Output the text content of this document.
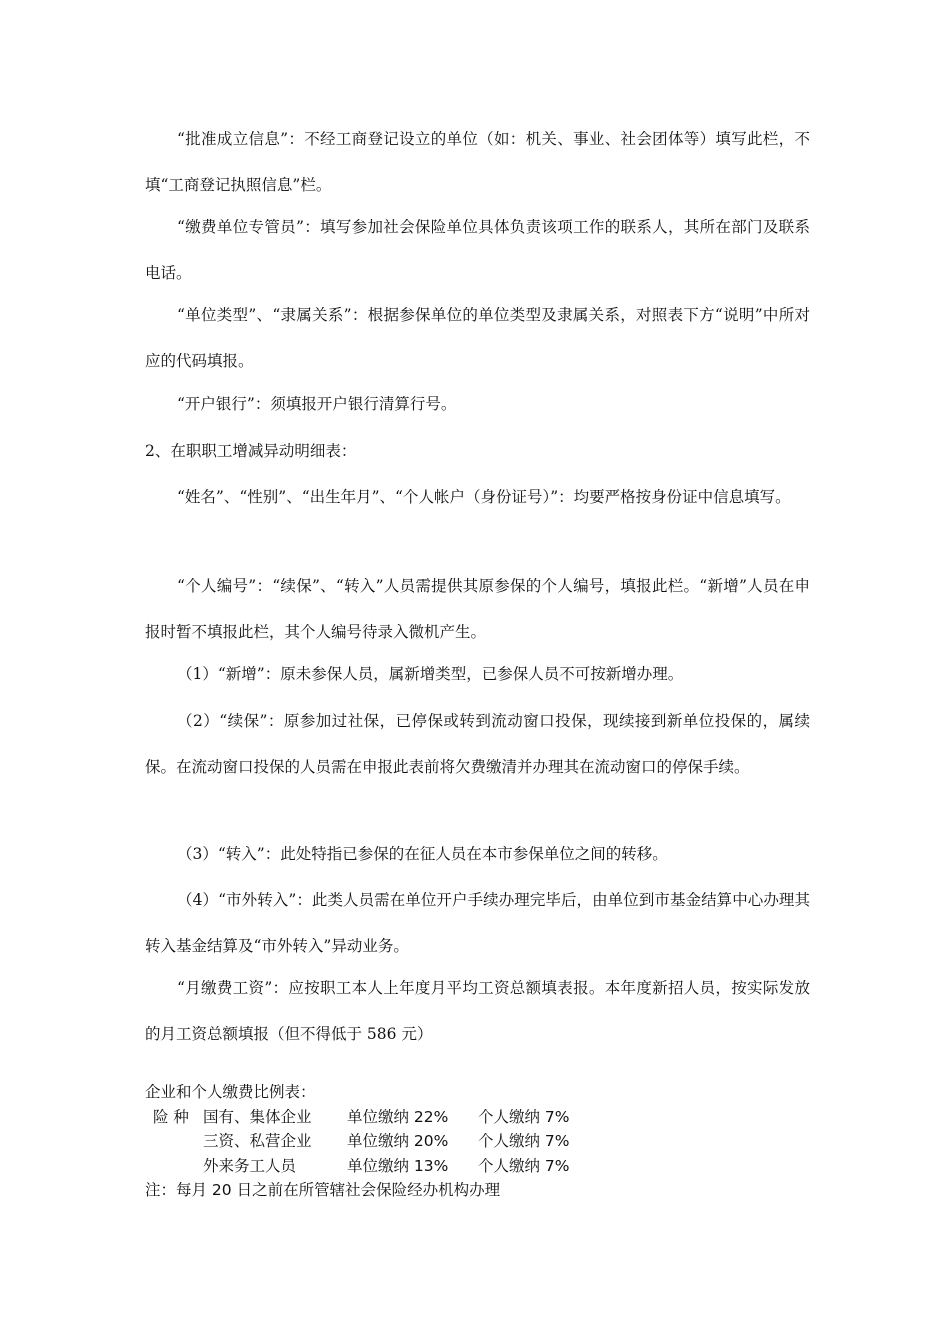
“批准成立信息”：不经工商登记设立的单位（如：机关、事业、社会团体等）填写此栏，不填“工商登记执照信息”栏。

“缴费单位专管员”：填写参加社会保险单位具体负责该项工作的联系人，其所在部门及联系电话。

“单位类型”、“隶属关系”：根据参保单位的单位类型及隶属关系，对照表下方“说明”中所对应的代码填报。

“开户银行”：须填报开户银行清算行号。

2、在职职工增减异动明细表：

“姓名”、“性别”、“出生年月”、“个人帐户（身份证号）”：均要严格按身份证中信息填写。

“个人编号”：“续保”、“转入”人员需提供其原参保的个人编号，填报此栏。“新增”人员在申报时暂不填报此栏，其个人编号待录入微机产生。

（1）“新增”：原未参保人员，属新增类型，已参保人员不可按新增办理。

（2）“续保”：原参加过社保，已停保或转到流动窗口投保，现续接到新单位投保的，属续保。在流动窗口投保的人员需在申报此表前将欠费缴清并办理其在流动窗口的停保手续。

（3）“转入”：此处特指已参保的在征人员在本市参保单位之间的转移。

（4）“市外转入”：此类人员需在单位开户手续办理完毕后，由单位到市基金结算中心办理其转入基金结算及“市外转入”异动业务。

“月缴费工资”：应按职工本人上年度月平均工资总额填表报。本年度新招人员，按实际发放的月工资总额填报（但不得低于 586 元）

企业和个人缴费比例表：
险 种 国有、集体企业 单位缴纳 22% 个人缴纳 7%
三资、私营企业 单位缴纳 20% 个人缴纳 7%
外来务工人员	单位缴纳 13% 个人缴纳 7%
注：每月 20 日之前在所管辖社会保险经办机构办理
